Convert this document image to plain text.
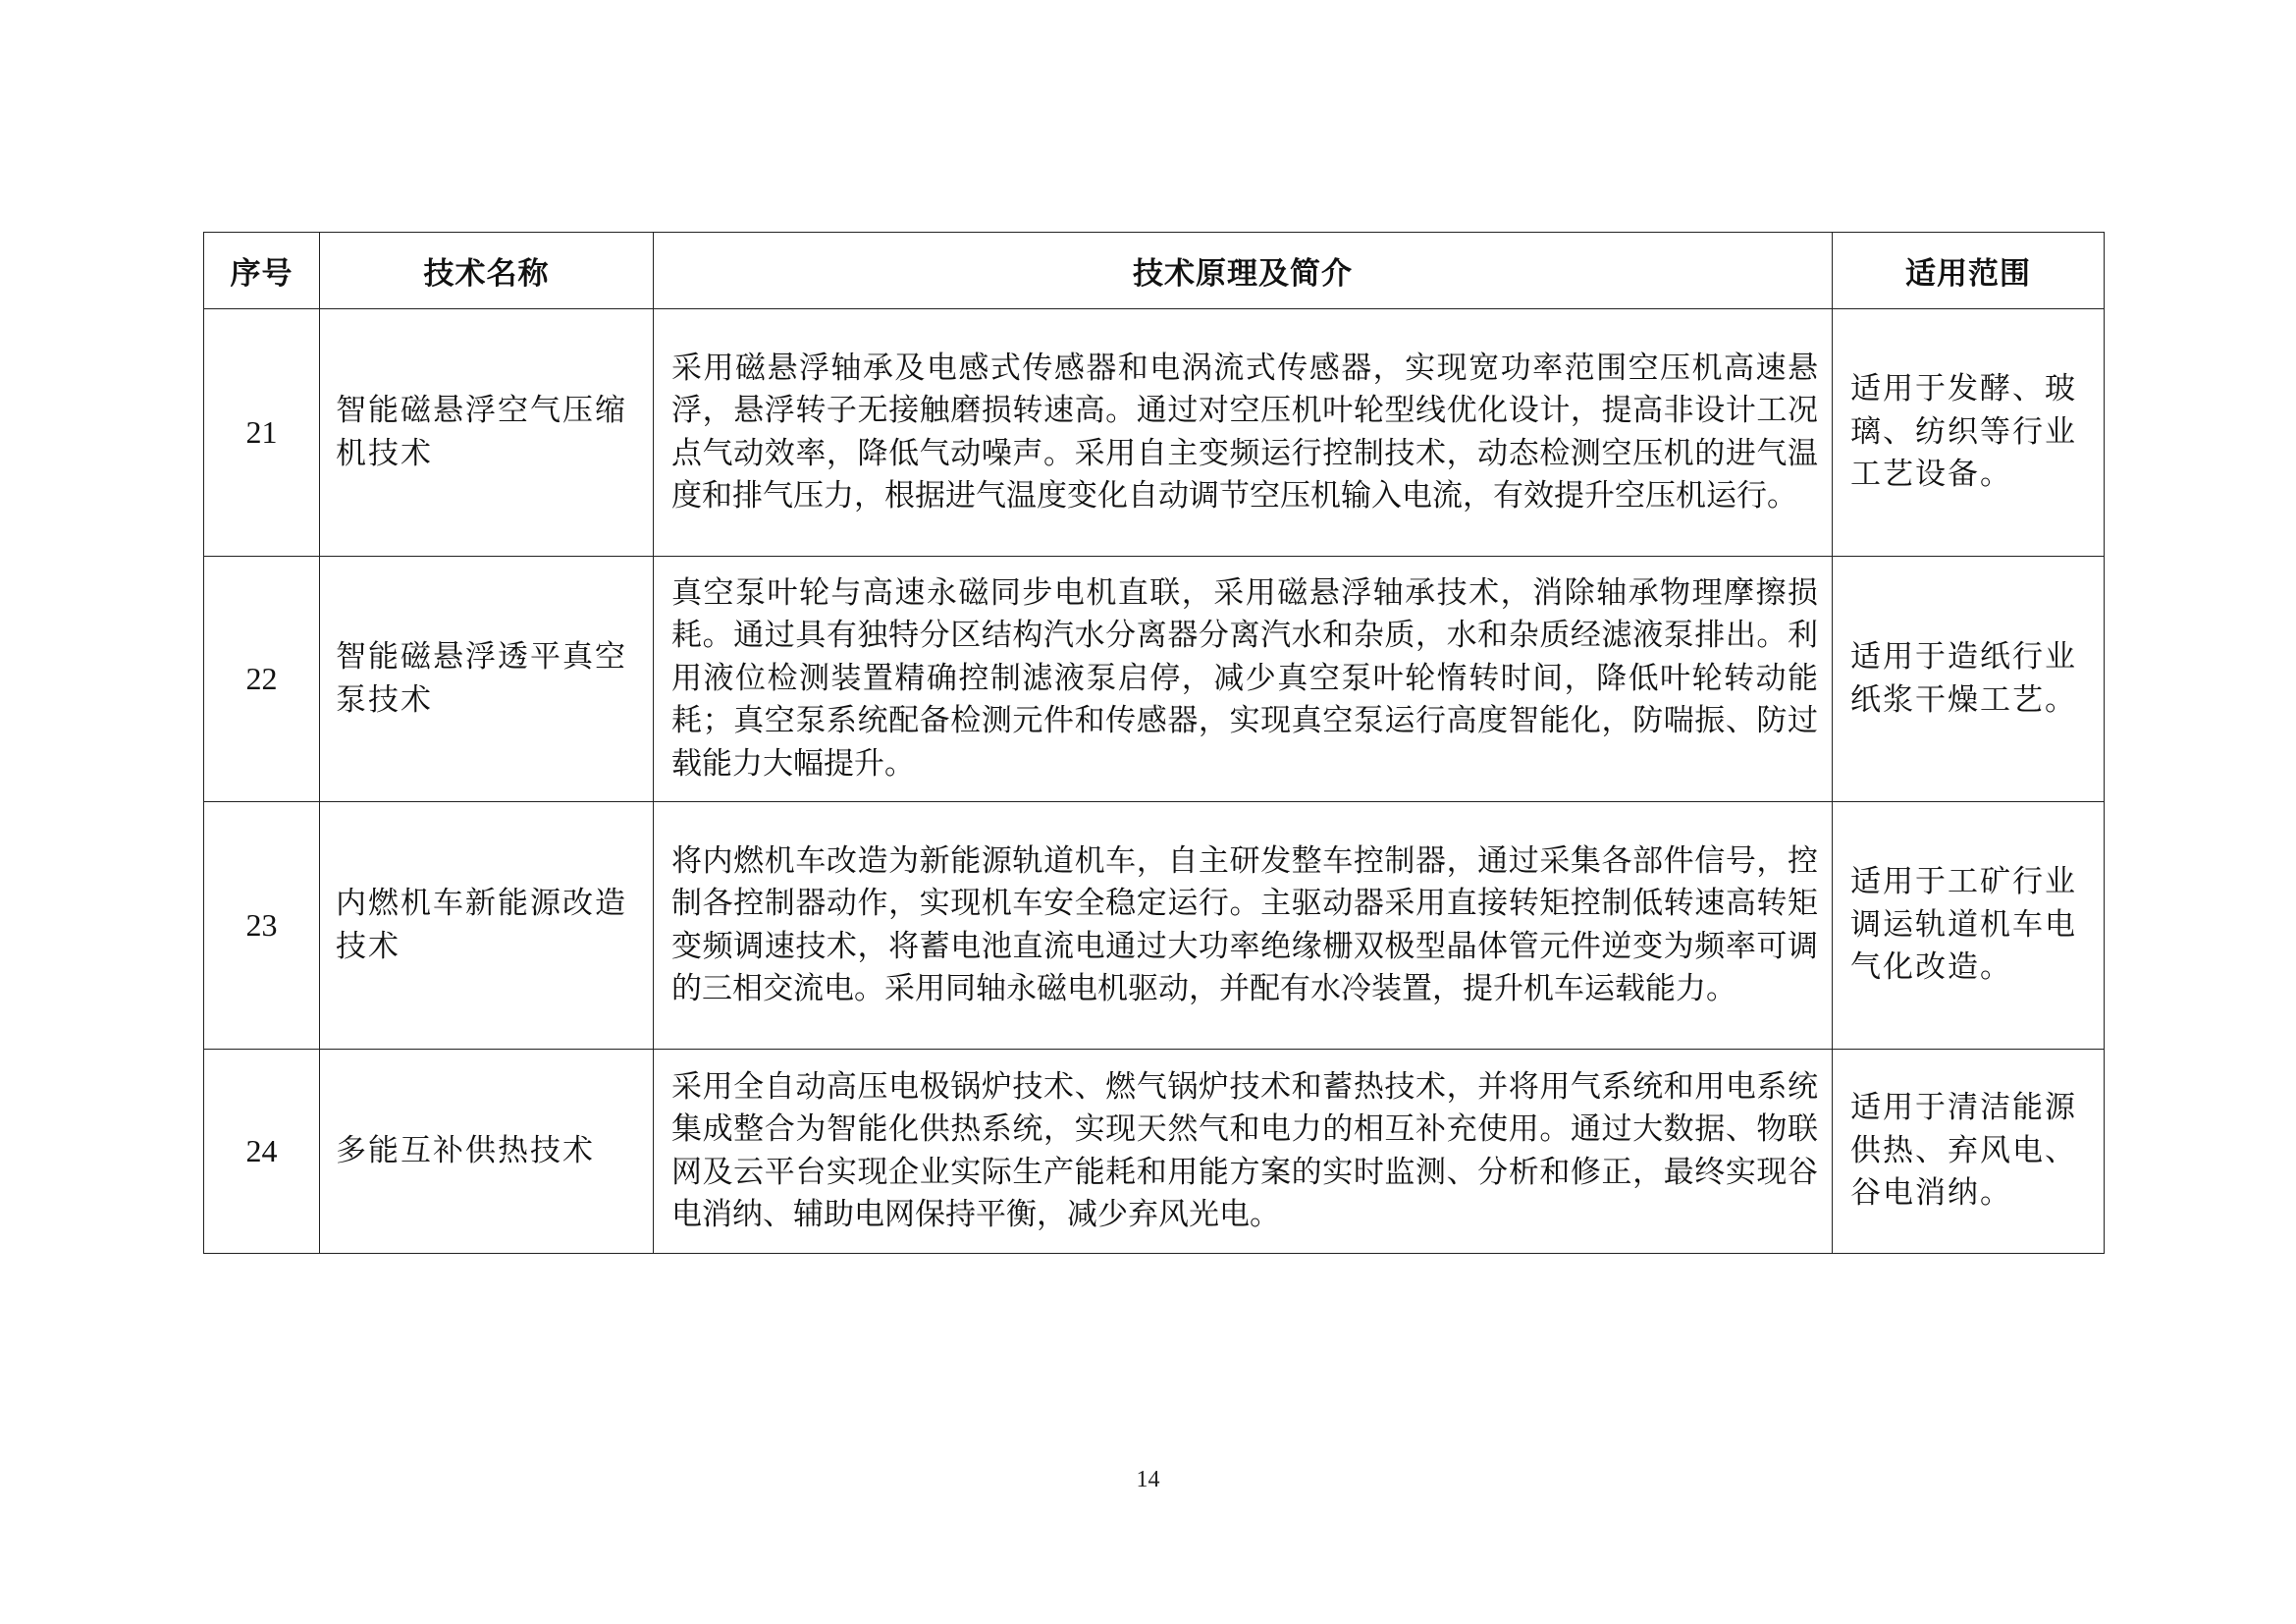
序号	技术名称	技术原理及简介	适用范围
21	智能磁悬浮空气压缩机技术	采用磁悬浮轴承及电感式传感器和电涡流式传感器，实现宽功率范围空压机高速悬浮，悬浮转子无接触磨损转速高。通过对空压机叶轮型线优化设计，提高非设计工况点气动效率，降低气动噪声。采用自主变频运行控制技术，动态检测空压机的进气温度和排气压力，根据进气温度变化自动调节空压机输入电流，有效提升空压机运行。	适用于发酵、玻璃、纺织等行业工艺设备。
22	智能磁悬浮透平真空泵技术	真空泵叶轮与高速永磁同步电机直联，采用磁悬浮轴承技术，消除轴承物理摩擦损耗。通过具有独特分区结构汽水分离器分离汽水和杂质，水和杂质经滤液泵排出。利用液位检测装置精确控制滤液泵启停，减少真空泵叶轮惰转时间，降低叶轮转动能耗；真空泵系统配备检测元件和传感器，实现真空泵运行高度智能化，防喘振、防过载能力大幅提升。	适用于造纸行业纸浆干燥工艺。
23	内燃机车新能源改造技术	将内燃机车改造为新能源轨道机车，自主研发整车控制器，通过采集各部件信号，控制各控制器动作，实现机车安全稳定运行。主驱动器采用直接转矩控制低转速高转矩变频调速技术，将蓄电池直流电通过大功率绝缘栅双极型晶体管元件逆变为频率可调的三相交流电。采用同轴永磁电机驱动，并配有水冷装置，提升机车运载能力。	适用于工矿行业调运轨道机车电气化改造。
24	多能互补供热技术	采用全自动高压电极锅炉技术、燃气锅炉技术和蓄热技术，并将用气系统和用电系统集成整合为智能化供热系统，实现天然气和电力的相互补充使用。通过大数据、物联网及云平台实现企业实际生产能耗和用能方案的实时监测、分析和修正，最终实现谷电消纳、辅助电网保持平衡，减少弃风光电。	适用于清洁能源供热、弃风电、谷电消纳。
14
